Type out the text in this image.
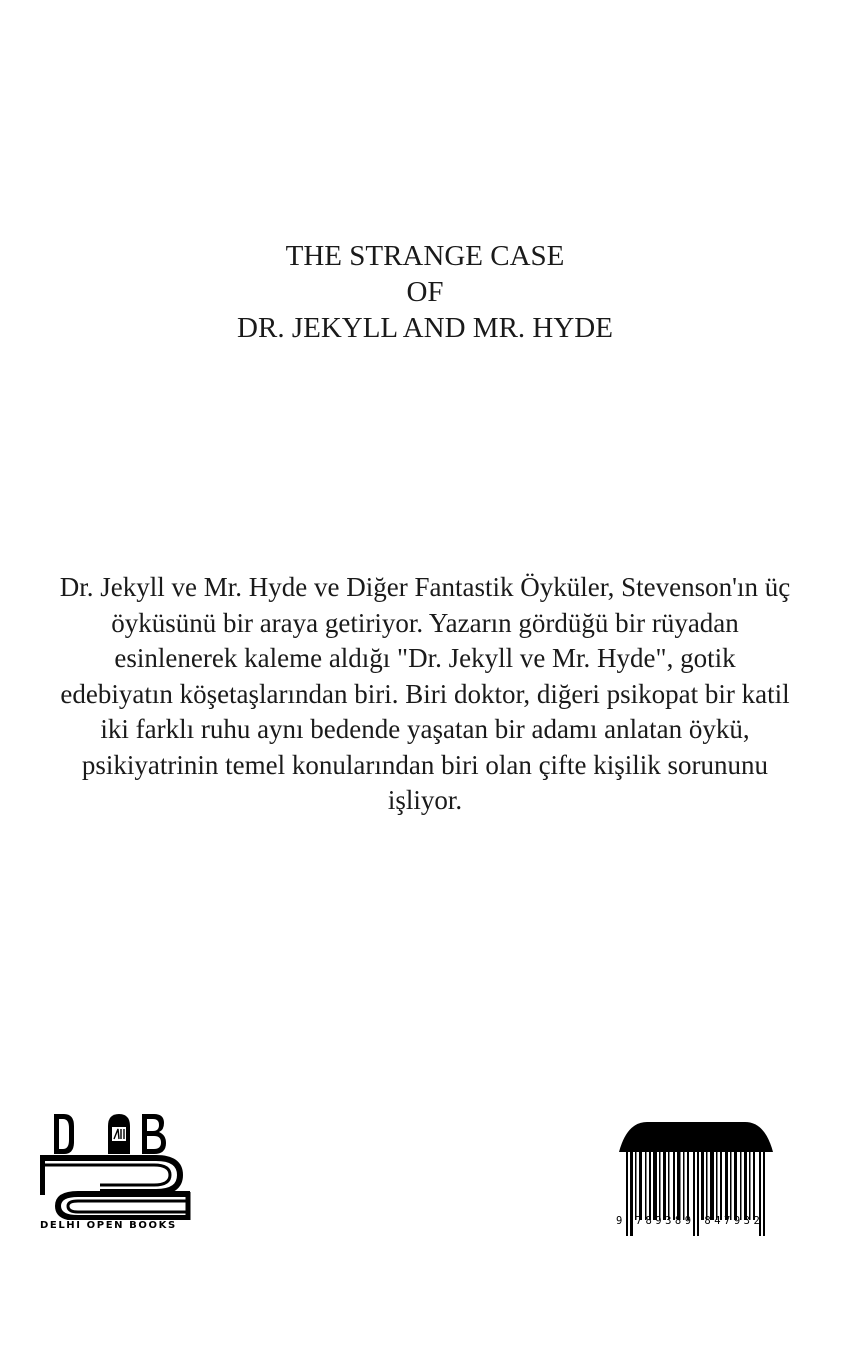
THE STRANGE CASE
OF
DR. JEKYLL AND MR. HYDE
Dr. Jekyll ve Mr. Hyde ve Diğer Fantastik Öyküler, Stevenson'ın üç
öyküsünü bir araya getiriyor. Yazarın gördüğü bir rüyadan
esinlenerek kaleme aldığı "Dr. Jekyll ve Mr. Hyde", gotik
edebiyatın köşetaşlarından biri. Biri doktor, diğeri psikopat bir katil
iki farklı ruhu aynı bedende yaşatan bir adamı anlatan öykü,
psikiyatrinin temel konularından biri olan çifte kişilik sorununu
işliyor.
DELHI OPEN BOOKS	9 789389 847932
